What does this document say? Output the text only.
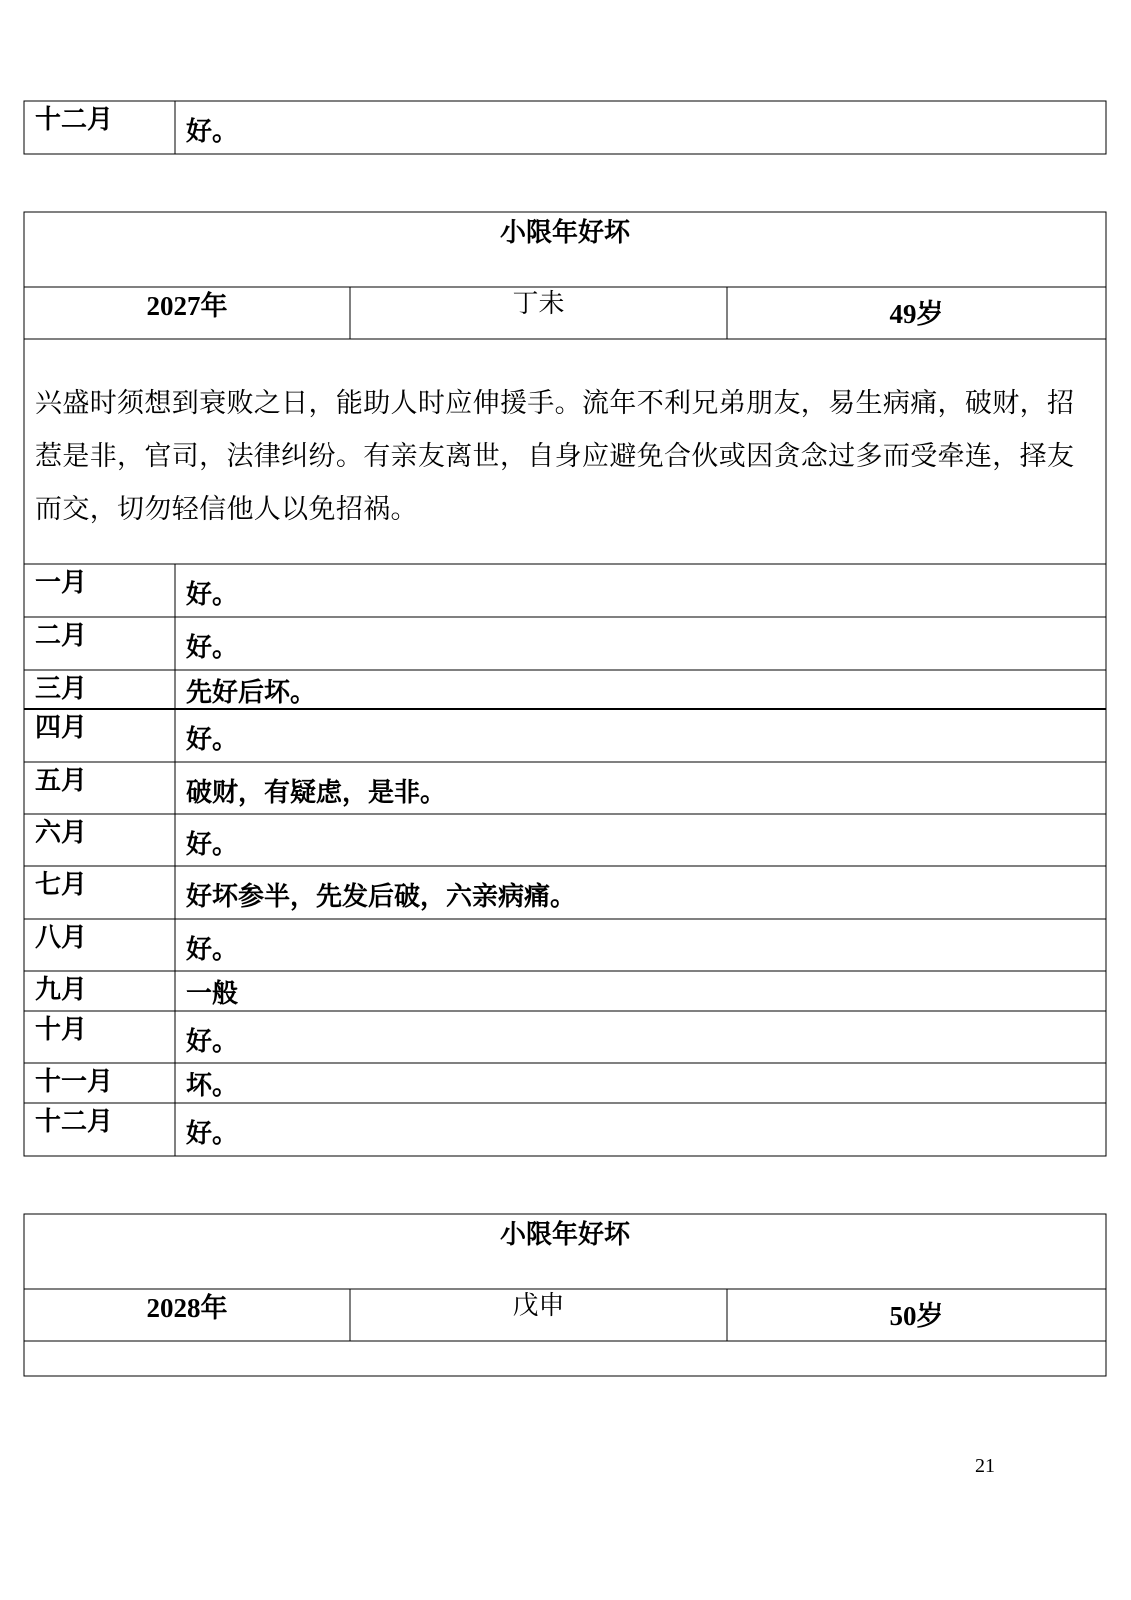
十二月	好。
小限年好坏
2027年	丁未	49岁
兴盛时须想到衰败之日，能助人时应伸援手。流年不利兄弟朋友，易生病痛，破财，招惹是非，官司，法律纠纷。有亲友离世，自身应避免合伙或因贪念过多而受牵连，择友而交，切勿轻信他人以免招祸。
一月	好。
二月	好。
三月	先好后坏。
四月	好。
五月	破财，有疑虑，是非。
六月	好。
七月	好坏参半，先发后破，六亲病痛。
八月	好。
九月	一般
十月	好。
十一月	坏。
十二月	好。
小限年好坏
2028年	戊申	50岁
21
